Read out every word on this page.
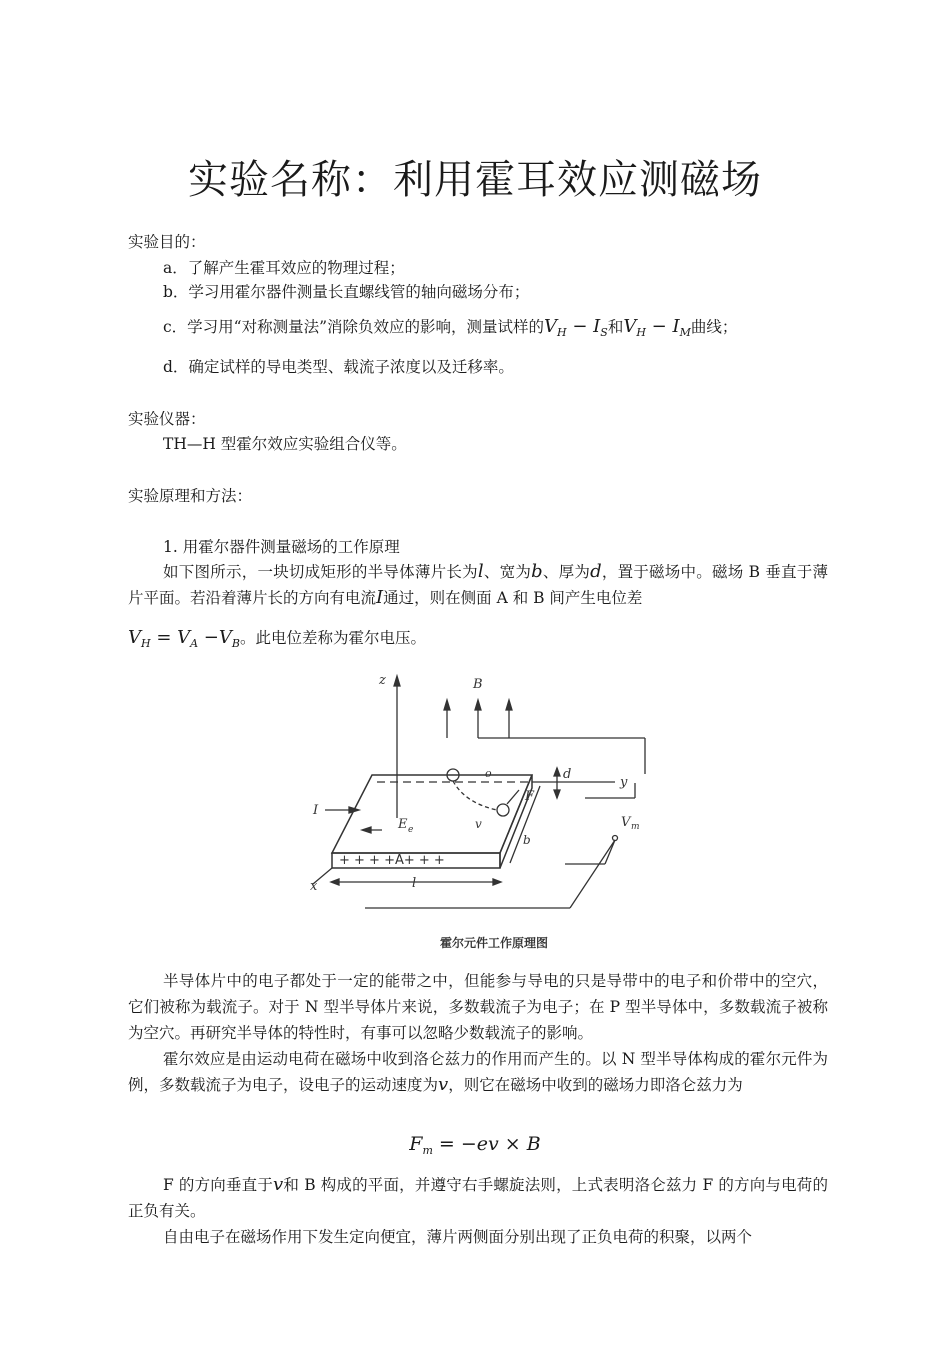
实验名称：利用霍耳效应测磁场
实验目的：
a．了解产生霍耳效应的物理过程；
b．学习用霍尔器件测量长直螺线管的轴向磁场分布；
c．学习用“对称测量法”消除负效应的影响，测量试样的$V_H - I_S$和$V_H - I_M$曲线；
d．确定试样的导电类型、载流子浓度以及迁移率。
实验仪器：
TH—H 型霍尔效应实验组合仪等。
实验原理和方法：
1. 用霍尔器件测量磁场的工作原理
如下图所示，一块切成矩形的半导体薄片长为l、宽为b、厚为d，置于磁场中。磁场 B 垂直于薄片平面。若沿着薄片长的方向有电流I通过，则在侧面 A 和 B 间产生电位差
$V_H = V_A -V_B$。此电位差称为霍尔电压。
z	B
d
y
I
o
F
E e	v	V m
b
x	l
+ + + +A+ + +
霍尔元件工作原理图
半导体片中的电子都处于一定的能带之中，但能参与导电的只是导带中的电子和价带中的空穴，它们被称为载流子。对于 N 型半导体片来说，多数载流子为电子；在 P 型半导体中，多数载流子被称为空穴。再研究半导体的特性时，有事可以忽略少数载流子的影响。
霍尔效应是由运动电荷在磁场中收到洛仑兹力的作用而产生的。以 N 型半导体构成的霍尔元件为例，多数载流子为电子，设电子的运动速度为v，则它在磁场中收到的磁场力即洛仑兹力为
$F_m = -ev \times B$
F 的方向垂直于v和 B 构成的平面，并遵守右手螺旋法则，上式表明洛仑兹力 F 的方向与电荷的正负有关。
自由电子在磁场作用下发生定向便宜，薄片两侧面分别出现了正负电荷的积聚，以两个
